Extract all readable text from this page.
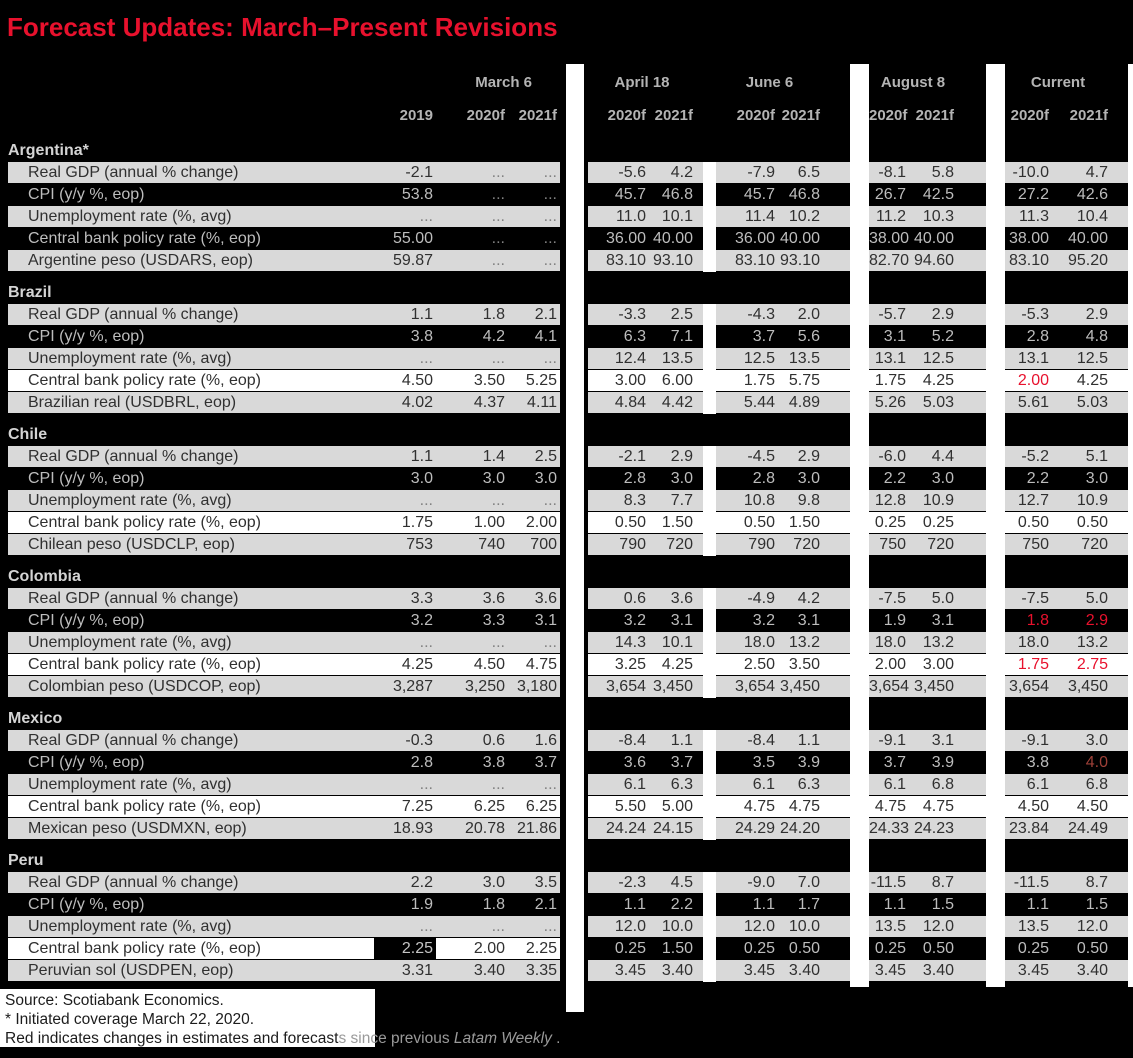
Forecast Updates: March–Present Revisions
March 6	April 18	June 6	August 8	Current
2019	2020f 2021f	2020f 2021f	2020f 2021f	2020f 2021f	2020f	2021f
Argentina*
Real GDP (annual % change)	-2.1	...	...	-5.6	4.2	-7.9	6.5	-8.1	5.8	-10.0	4.7
CPI (y/y %, eop)	53.8	...	...	45.7 46.8	45.7 46.8	26.7	42.5	27.2	42.6
Unemployment rate (%, avg)	...	...	...	11.0 10.1	11.4 10.2	11.2	10.3	11.3	10.4
Central bank policy rate (%, eop)	55.00	...	...	36.00 40.00	36.00 40.00	38.00 40.00	38.00	40.00
Argentine peso (USDARS, eop)	59.87	...	...	83.10 93.10	83.10 93.10	82.70 94.60	83.10	95.20
Brazil
Real GDP (annual % change)	1.1	1.8	2.1	-3.3	2.5	-4.3	2.0	-5.7	2.9	-5.3	2.9
CPI (y/y %, eop)	3.8	4.2	4.1	6.3	7.1	3.7	5.6	3.1	5.2	2.8	4.8
Unemployment rate (%, avg)	...	...	...	12.4 13.5	12.5 13.5	13.1	12.5	13.1	12.5
Central bank policy rate (%, eop)	4.50	3.50	5.25	3.00 6.00	1.75 5.75	1.75	4.25	2.00	4.25
Brazilian real (USDBRL, eop)	4.02	4.37	4.11	4.84 4.42	5.44 4.89	5.26	5.03	5.61	5.03
Chile
Real GDP (annual % change)	1.1	1.4	2.5	-2.1	2.9	-4.5	2.9	-6.0	4.4	-5.2	5.1
CPI (y/y %, eop)	3.0	3.0	3.0	2.8	3.0	2.8	3.0	2.2	3.0	2.2	3.0
Unemployment rate (%, avg)	...	...	...	8.3	7.7	10.8	9.8	12.8	10.9	12.7	10.9
Central bank policy rate (%, eop)	1.75	1.00	2.00	0.50 1.50	0.50 1.50	0.25	0.25	0.50	0.50
Chilean peso (USDCLP, eop)	753	740	700	790	720	790	720	750	720	750	720
Colombia
Real GDP (annual % change)	3.3	3.6	3.6	0.6	3.6	-4.9	4.2	-7.5	5.0	-7.5	5.0
CPI (y/y %, eop)	3.2	3.3	3.1	3.2	3.1	3.2	3.1	1.9	3.1	1.8	2.9
Unemployment rate (%, avg)	...	...	...	14.3 10.1	18.0 13.2	18.0	13.2	18.0	13.2
Central bank policy rate (%, eop)	4.25	4.50	4.75	3.25 4.25	2.50 3.50	2.00	3.00	1.75	2.75
Colombian peso (USDCOP, eop)	3,287	3,250 3,180	3,654 3,450	3,654 3,450	3,654 3,450	3,654	3,450
Mexico
Real GDP (annual % change)	-0.3	0.6	1.6	-8.4	1.1	-8.4	1.1	-9.1	3.1	-9.1	3.0
CPI (y/y %, eop)	2.8	3.8	3.7	3.6	3.7	3.5	3.9	3.7	3.9	3.8	4.0
Unemployment rate (%, avg)	...	...	...	6.1	6.3	6.1	6.3	6.1	6.8	6.1	6.8
Central bank policy rate (%, eop)	7.25	6.25	6.25	5.50 5.00	4.75 4.75	4.75	4.75	4.50	4.50
Mexican peso (USDMXN, eop)	18.93	20.78 21.86	24.24 24.15	24.29 24.20	24.33 24.23	23.84	24.49
Peru
Real GDP (annual % change)	2.2	3.0	3.5	-2.3	4.5	-9.0	7.0	-11.5	8.7	-11.5	8.7
CPI (y/y %, eop)	1.9	1.8	2.1	1.1	2.2	1.1	1.7	1.1	1.5	1.1	1.5
Unemployment rate (%, avg)	...	...	...	12.0 10.0	12.0 10.0	13.5	12.0	13.5	12.0
Central bank policy rate (%, eop)	2.25	2.00	2.25	0.25 1.50	0.25 0.50	0.25	0.50	0.25	0.50
Peruvian sol (USDPEN, eop)	3.31	3.40	3.35	3.45 3.40	3.45 3.40	3.45	3.40	3.45	3.40
Source: Scotiabank Economics.
* Initiated coverage March 22, 2020.
Red indicates changes in estimates and forecasts since previous Latam Weekly .
